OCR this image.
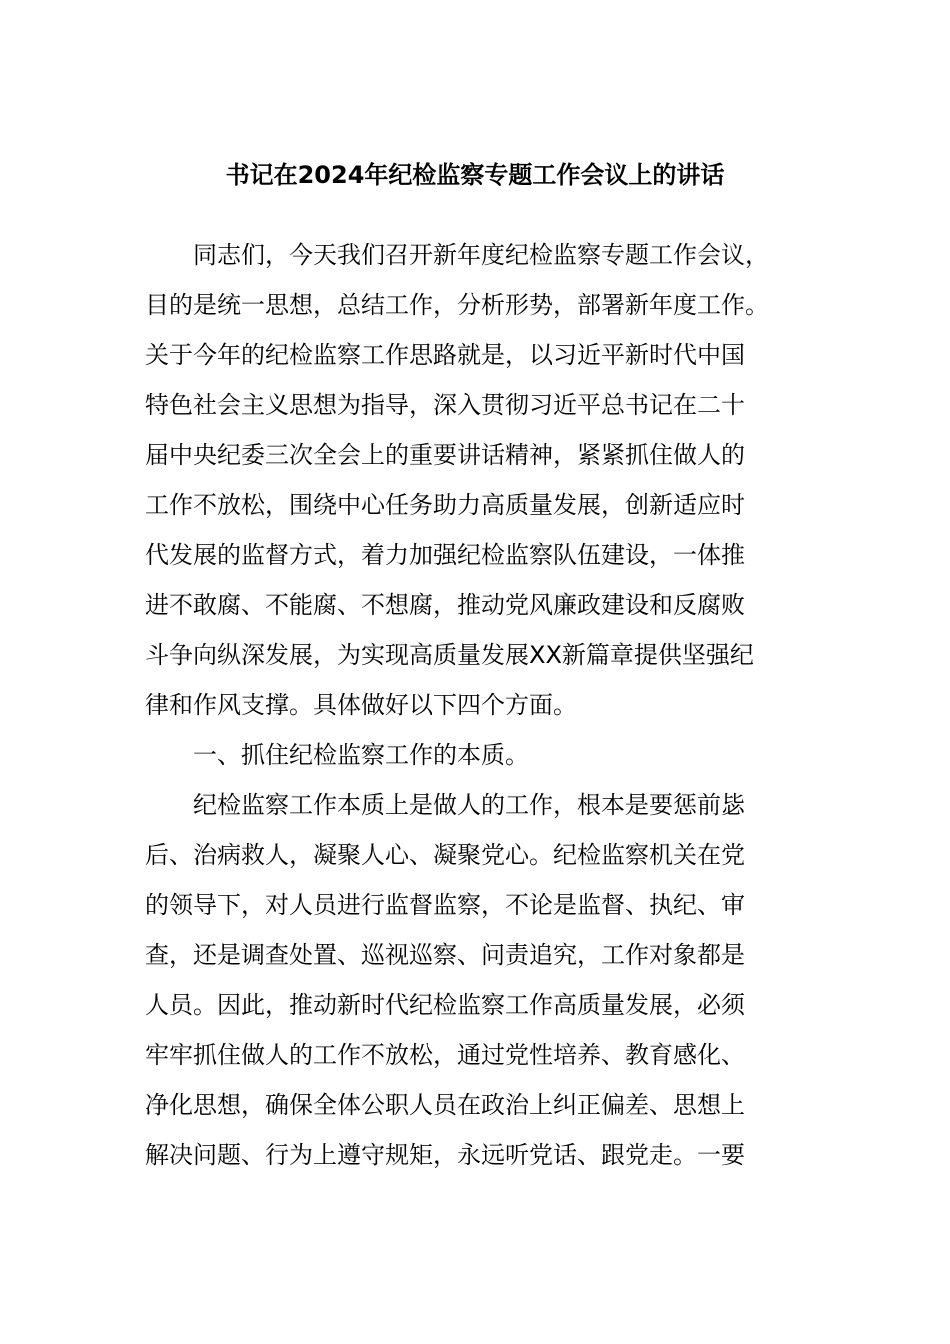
书记在2024年纪检监察专题工作会议上的讲话
同志们，今天我们召开新年度纪检监察专题工作会议，
目的是统一思想，总结工作，分析形势，部署新年度工作。
关于今年的纪检监察工作思路就是，以习近平新时代中国
特色社会主义思想为指导，深入贯彻习近平总书记在二十
届中央纪委三次全会上的重要讲话精神，紧紧抓住做人的
工作不放松，围绕中心任务助力高质量发展，创新适应时
代发展的监督方式，着力加强纪检监察队伍建设，一体推
进不敢腐、不能腐、不想腐，推动党风廉政建设和反腐败
斗争向纵深发展，为实现高质量发展XX新篇章提供坚强纪
律和作风支撑。具体做好以下四个方面。
一、抓住纪检监察工作的本质。
纪检监察工作本质上是做人的工作，根本是要惩前毖
后、治病救人，凝聚人心、凝聚党心。纪检监察机关在党
的领导下，对人员进行监督监察，不论是监督、执纪、审
查，还是调查处置、巡视巡察、问责追究，工作对象都是
人员。因此，推动新时代纪检监察工作高质量发展，必须
牢牢抓住做人的工作不放松，通过党性培养、教育感化、
净化思想，确保全体公职人员在政治上纠正偏差、思想上
解决问题、行为上遵守规矩，永远听党话、跟党走。一要
